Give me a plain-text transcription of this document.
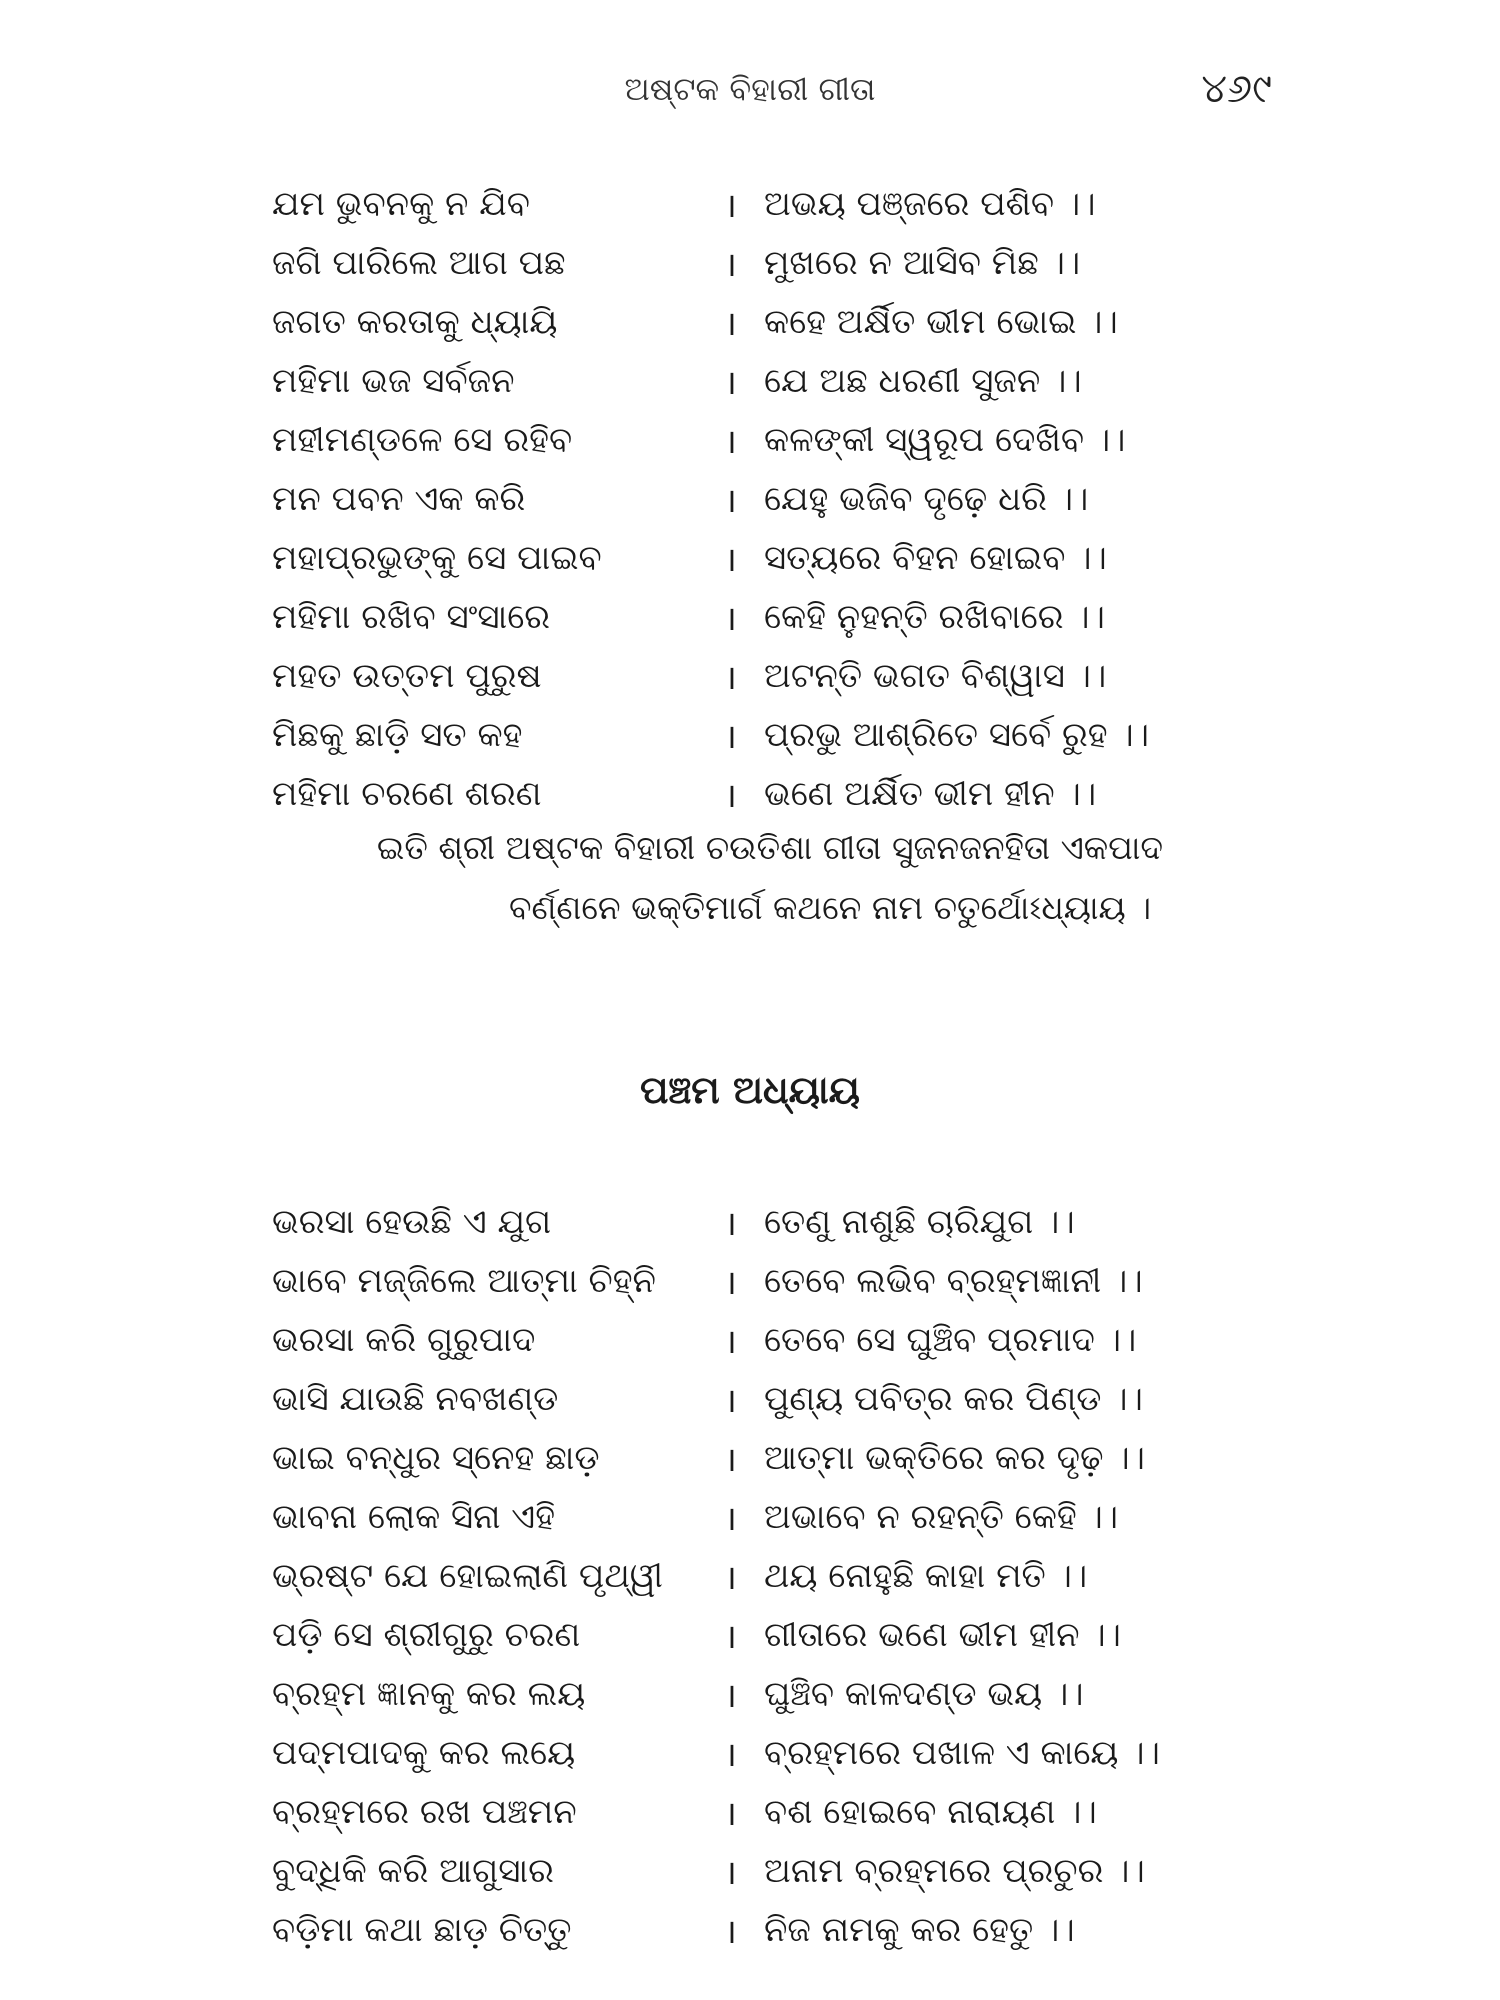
ଅଷ୍ଟକ ବିହାରୀ ଗୀତା	୪୬୯
ଯମ ଭୁବନକୁ ନ ଯିବ	। ଅଭୟ ପଞ୍ଜରେ ପଶିବ ।।
ଜଗି ପାରିଲେ ଆଗ ପଛ	। ମୁଖରେ ନ ଆସିବ ମିଛ ।।
ଜଗତ କରତାକୁ ଧ୍ୟାୟି	। କହେ ଅର୍କ୍ଷିତ ଭୀମ ଭୋଇ ।।
ମହିମା ଭଜ ସର୍ବଜନ	। ଯେ ଅଛ ଧରଣୀ ସୁଜନ ।।
ମହୀମଣ୍ଡଳେ ସେ ରହିବ	। କଳଙ୍କୀ ସ୍ୱରୂପ ଦେଖିବ ।।
ମନ ପବନ ଏକ କରି	। ଯେହୁ ଭଜିବ ଦୃଢ଼େ ଧରି ।।
ମହାପ୍ରଭୁଙ୍କୁ ସେ ପାଇବ	। ସତ୍ୟରେ ବିହନ ହୋଇବ ।।
ମହିମା ରଖିବ ସଂସାରେ	। କେହି ନୁହନ୍ତି ରଖିବାରେ ।।
ମହତ ଉତ୍ତମ ପୁରୁଷ	। ଅଟନ୍ତି ଭଗତ ବିଶ୍ୱାସ ।।
ମିଛକୁ ଛାଡ଼ି ସତ କହ	। ପ୍ରଭୁ ଆଶ୍ରିତେ ସର୍ବେ ରୁହ ।।
ମହିମା ଚରଣେ ଶରଣ	। ଭଣେ ଅର୍କ୍ଷିତ ଭୀମ ହୀନ ।।
ଇତି ଶ୍ରୀ ଅଷ୍ଟକ ବିହାରୀ ଚଉତିଶା ଗୀତା ସୁଜନଜନହିତା ଏକପାଦ
ବର୍ଣ୍ଣନେ ଭକ୍ତିମାର୍ଗ କଥନେ ନାମ ଚତୁର୍ଥୋଽଧ୍ୟାୟ ।
ପଞ୍ଚମ ଅଧ୍ୟାୟ
ଭରସା ହେଉଛି ଏ ଯୁଗ	। ତେଣୁ ନାଶୁଛି ଚାରିଯୁଗ ।।
ଭାବେ ମଜ୍ଜିଲେ ଆତ୍ମା ଚିହ୍ନି	। ତେବେ ଲଭିବ ବ୍ରହ୍ମଜ୍ଞାନୀ ।।
ଭରସା କରି ଗୁରୁପାଦ	। ତେବେ ସେ ଘୁଞ୍ଚିବ ପ୍ରମାଦ ।।
ଭାସି ଯାଉଛି ନବଖଣ୍ଡ	। ପୁଣ୍ୟ ପବିତ୍ର କର ପିଣ୍ଡ ।।
ଭାଇ ବନ୍ଧୁର ସ୍ନେହ ଛାଡ଼	। ଆତ୍ମା ଭକ୍ତିରେ କର ଦୃଢ଼ ।।
ଭାବନା ଲୋକ ସିନା ଏହି	। ଅଭାବେ ନ ରହନ୍ତି କେହି ।।
ଭ୍ରଷ୍ଟ ଯେ ହୋଇଲାଣି ପୃଥ୍ୱୀ	। ଥୟ ନୋହୁଛି କାହା ମତି ।।
ପଡ଼ି ସେ ଶ୍ରୀଗୁରୁ ଚରଣ	। ଗୀତାରେ ଭଣେ ଭୀମ ହୀନ ।।
ବ୍ରହ୍ମ ଜ୍ଞାନକୁ କର ଲୟ	। ଘୁଞ୍ଚିବ କାଳଦଣ୍ଡ ଭୟ ।।
ପଦ୍ମପାଦକୁ କର ଲୟେ	। ବ୍ରହ୍ମରେ ପଖାଳ ଏ କାୟେ ।।
ବ୍ରହ୍ମରେ ରଖ ପଞ୍ଚମନ	। ବଶ ହୋଇବେ ନାରାୟଣ ।।
ବୁଦ୍ଧିକି କରି ଆଗୁସାର	। ଅନାମ ବ୍ରହ୍ମରେ ପ୍ରଚୁର ।।
ବଡ଼ିମା କଥା ଛାଡ଼ ଚିତ୍ତୁ	। ନିଜ ନାମକୁ କର ହେତୁ ।।
